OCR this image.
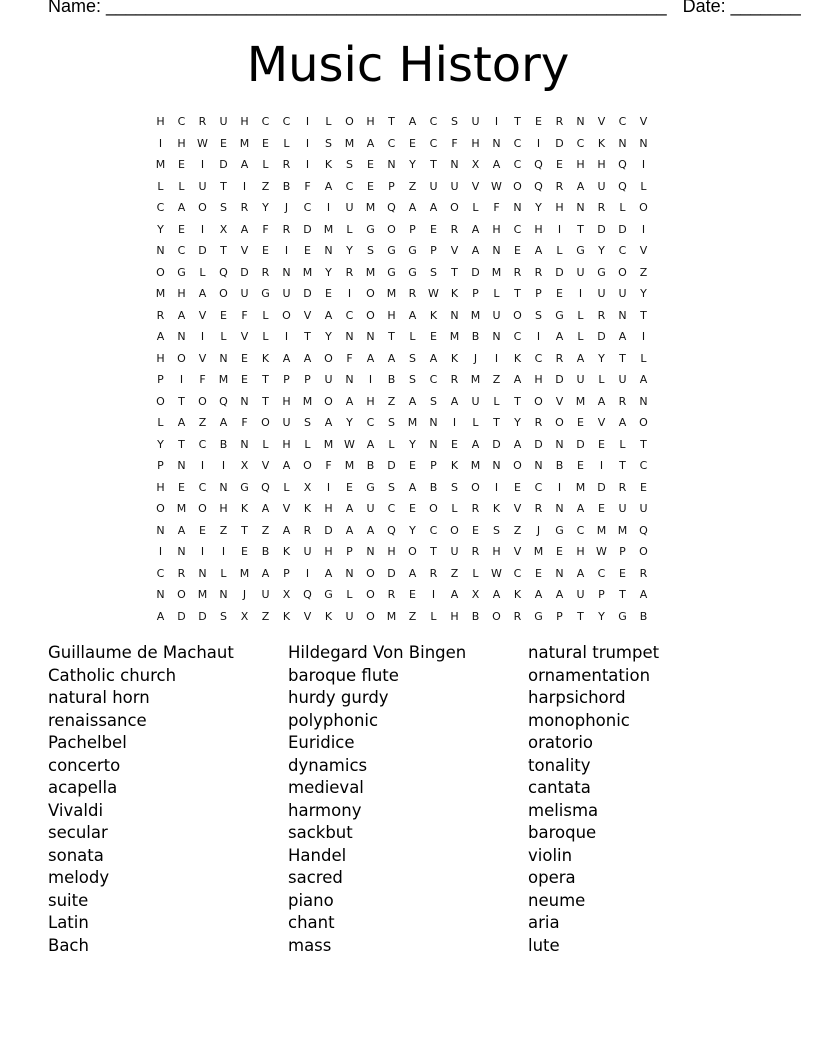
Name: ________________________________________________________ Date: _______
Music History
H C R U H C C I L O H T A C S U I T E R N V C V
I H W E M E L I S M A C E C F H N C I D C K N N
M E I D A L R I K S E N Y T N X A C Q E H H Q I
L L U T I Z B F A C E P Z U U V W O Q R A U Q L
C A O S R Y J C I U M Q A A O L F N Y H N R L O
Y E I X A F R D M L G O P E R A H C H I T D D I
N C D T V E I E N Y S G G P V A N E A L G Y C V
O G L Q D R N M Y R M G G S T D M R R D U G O Z
M H A O U G U D E I O M R W K P L T P E I U U Y
R A V E F L O V A C O H A K N M U O S G L R N T
A N I L V L I T Y N N T L E M B N C I A L D A I
H O V N E K A A O F A A S A K J I K C R A Y T L
P I F M E T P P U N I B S C R M Z A H D U L U A
O T O Q N T H M O A H Z A S A U L T O V M A R N
L A Z A F O U S A Y C S M N I L T Y R O E V A O
Y T C B N L H L M W A L Y N E A D A D N D E L T
P N I I X V A O F M B D E P K M N O N B E I T C
H E C N G Q L X I E G S A B S O I E C I M D R E
O M O H K A V K H A U C E O L R K V R N A E U U
N A E Z T Z A R D A A Q Y C O E S Z J G C M M Q
I N I I E B K U H P N H O T U R H V M E H W P O
C R N L M A P I A N O D A R Z L W C E N A C E R
N O M N J U X Q G L O R E I A X A K A A U P T A
A D D S X Z K V K U O M Z L H B O R G P T Y G B
Guillaume de Machaut
Catholic church
natural horn
renaissance
Pachelbel
concerto
acapella
Vivaldi
secular
sonata
melody
suite
Latin
Bach
Hildegard Von Bingen
baroque flute
hurdy gurdy
polyphonic
Euridice
dynamics
medieval
harmony
sackbut
Handel
sacred
piano
chant
mass
natural trumpet
ornamentation
harpsichord
monophonic
oratorio
tonality
cantata
melisma
baroque
violin
opera
neume
aria
lute
